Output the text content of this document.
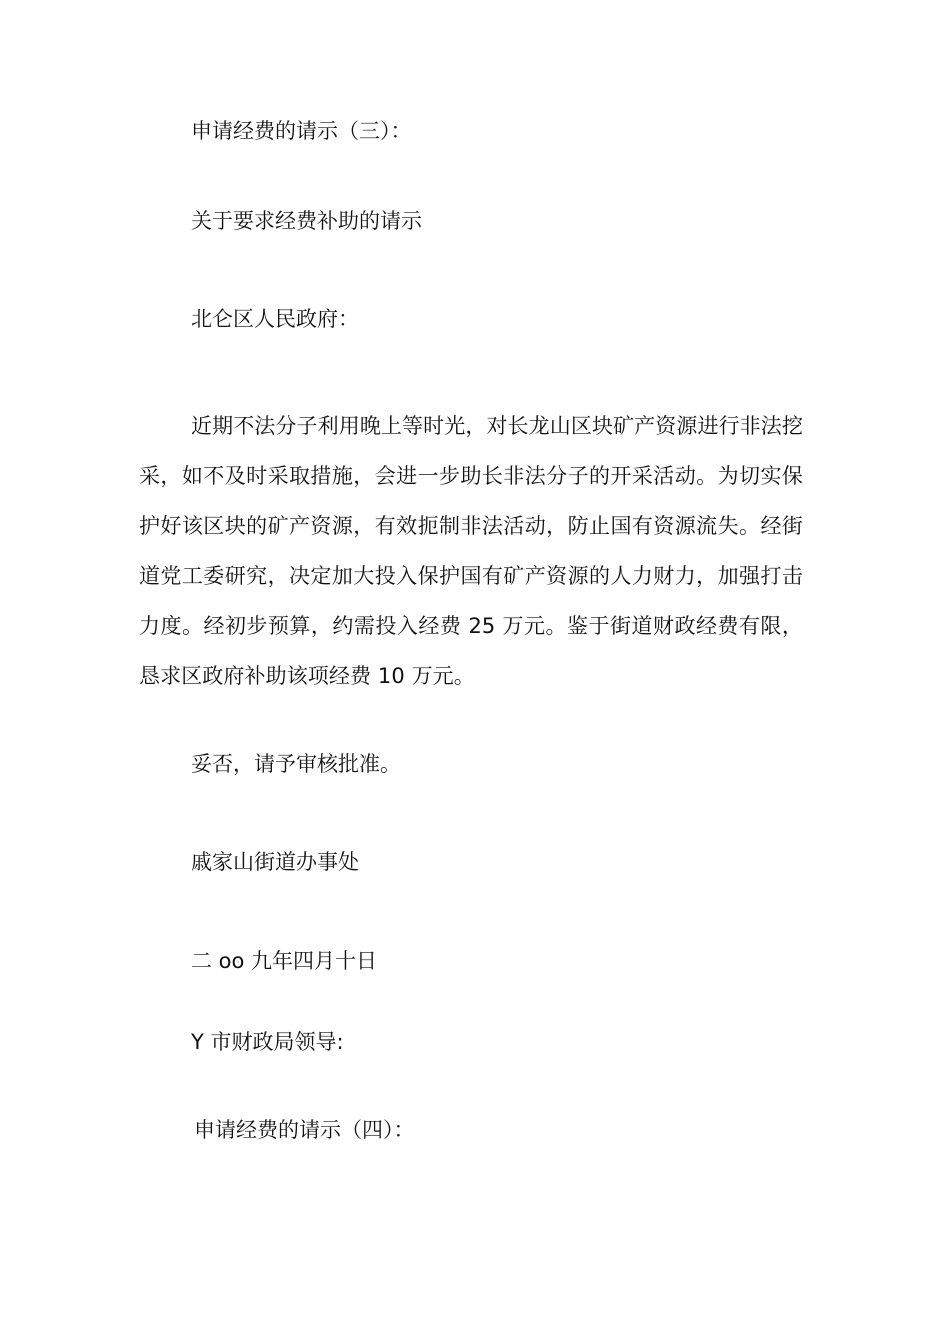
申请经费的请示（三）：
关于要求经费补助的请示
北仑区人民政府：
近期不法分子利用晚上等时光，对长龙山区块矿产资源进行非法挖采，如不及时采取措施，会进一步助长非法分子的开采活动。为切实保护好该区块的矿产资源，有效扼制非法活动，防止国有资源流失。经街道党工委研究，决定加大投入保护国有矿产资源的人力财力，加强打击力度。经初步预算，约需投入经费 25 万元。鉴于街道财政经费有限，恳求区政府补助该项经费 10 万元。
妥否，请予审核批准。
戚家山街道办事处
二 oo 九年四月十日
Y 市财政局领导:
申请经费的请示（四）：
